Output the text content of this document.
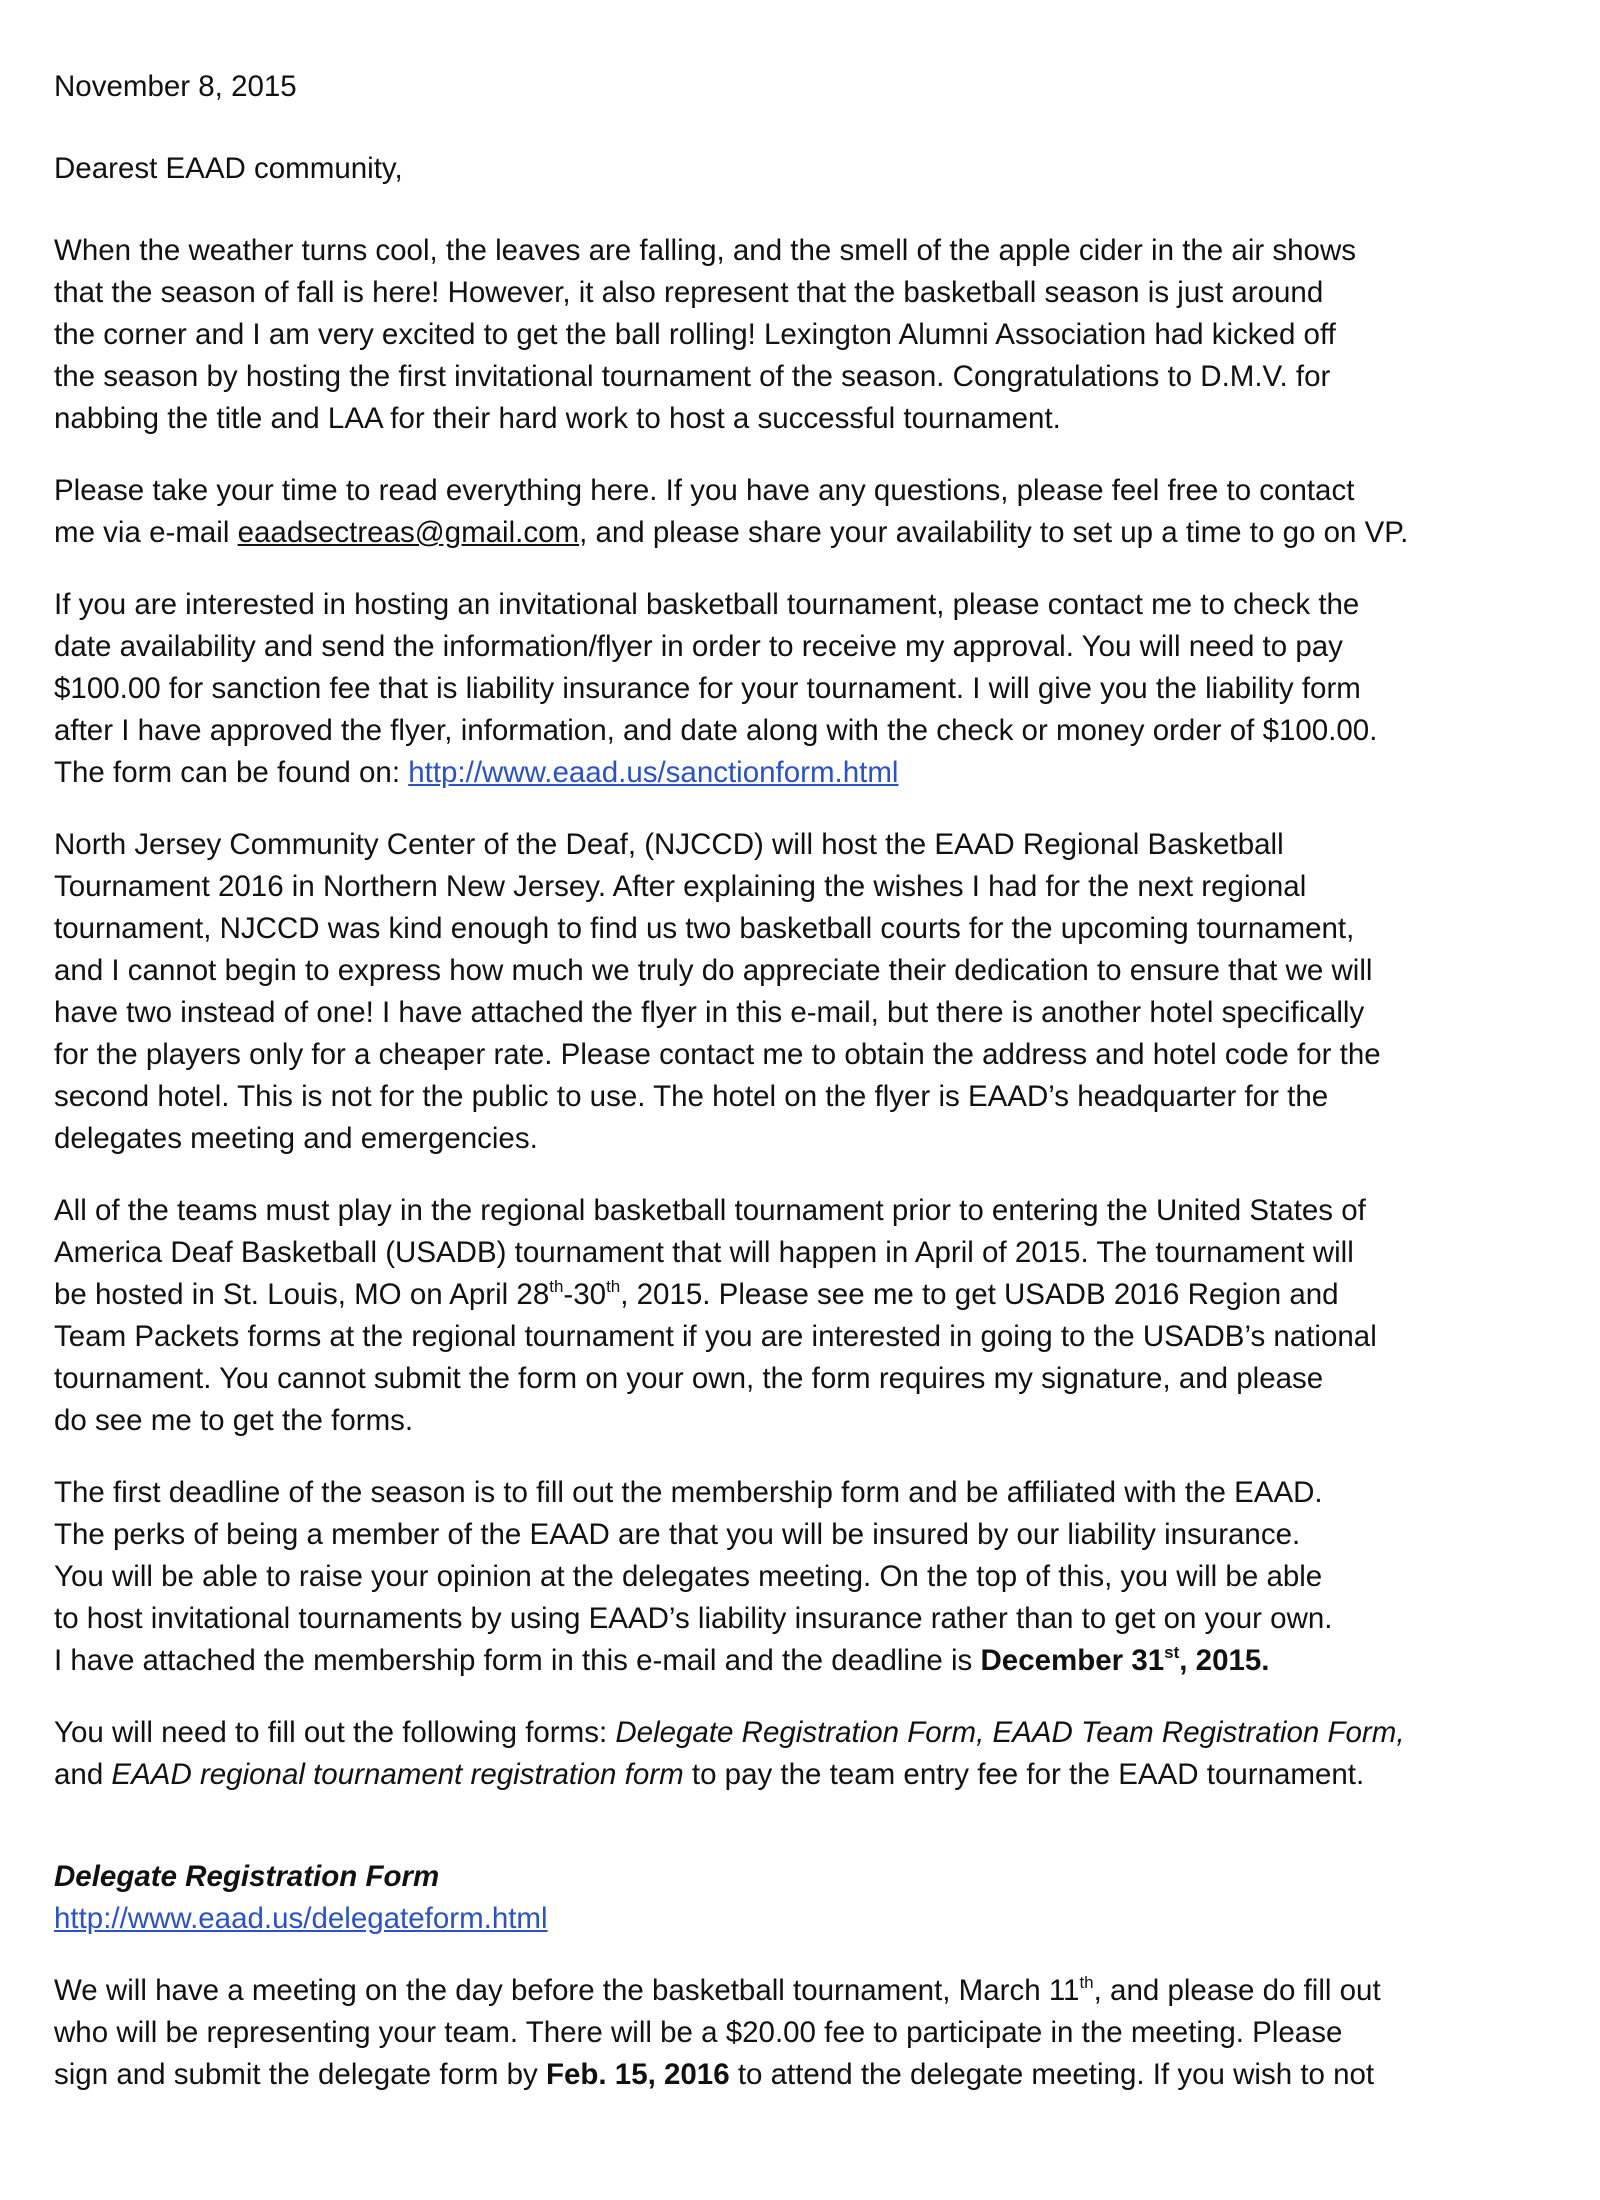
November 8, 2015

Dearest EAAD community,

When the weather turns cool, the leaves are falling, and the smell of the apple cider in the air shows
that the season of fall is here! However, it also represent that the basketball season is just around
the corner and I am very excited to get the ball rolling! Lexington Alumni Association had kicked off
the season by hosting the first invitational tournament of the season. Congratulations to D.M.V. for
nabbing the title and LAA for their hard work to host a successful tournament.

Please take your time to read everything here. If you have any questions, please feel free to contact
me via e-mail eaadsectreas@gmail.com, and please share your availability to set up a time to go on VP.

If you are interested in hosting an invitational basketball tournament, please contact me to check the
date availability and send the information/flyer in order to receive my approval. You will need to pay
$100.00 for sanction fee that is liability insurance for your tournament. I will give you the liability form
after I have approved the flyer, information, and date along with the check or money order of $100.00.
The form can be found on: http://www.eaad.us/sanctionform.html

North Jersey Community Center of the Deaf, (NJCCD) will host the EAAD Regional Basketball
Tournament 2016 in Northern New Jersey. After explaining the wishes I had for the next regional
tournament, NJCCD was kind enough to find us two basketball courts for the upcoming tournament,
and I cannot begin to express how much we truly do appreciate their dedication to ensure that we will
have two instead of one! I have attached the flyer in this e-mail, but there is another hotel specifically
for the players only for a cheaper rate. Please contact me to obtain the address and hotel code for the
second hotel. This is not for the public to use. The hotel on the flyer is EAAD’s headquarter for the
delegates meeting and emergencies.

All of the teams must play in the regional basketball tournament prior to entering the United States of
America Deaf Basketball (USADB) tournament that will happen in April of 2015. The tournament will
be hosted in St. Louis, MO on April 28th-30th, 2015. Please see me to get USADB 2016 Region and
Team Packets forms at the regional tournament if you are interested in going to the USADB’s national
tournament. You cannot submit the form on your own, the form requires my signature, and please
do see me to get the forms.

The first deadline of the season is to fill out the membership form and be affiliated with the EAAD.
The perks of being a member of the EAAD are that you will be insured by our liability insurance.
You will be able to raise your opinion at the delegates meeting. On the top of this, you will be able
to host invitational tournaments by using EAAD’s liability insurance rather than to get on your own.
I have attached the membership form in this e-mail and the deadline is December 31st, 2015.

You will need to fill out the following forms: Delegate Registration Form, EAAD Team Registration Form,
and EAAD regional tournament registration form to pay the team entry fee for the EAAD tournament.

Delegate Registration Form
http://www.eaad.us/delegateform.html

We will have a meeting on the day before the basketball tournament, March 11th, and please do fill out
who will be representing your team. There will be a $20.00 fee to participate in the meeting. Please
sign and submit the delegate form by Feb. 15, 2016 to attend the delegate meeting. If you wish to not
